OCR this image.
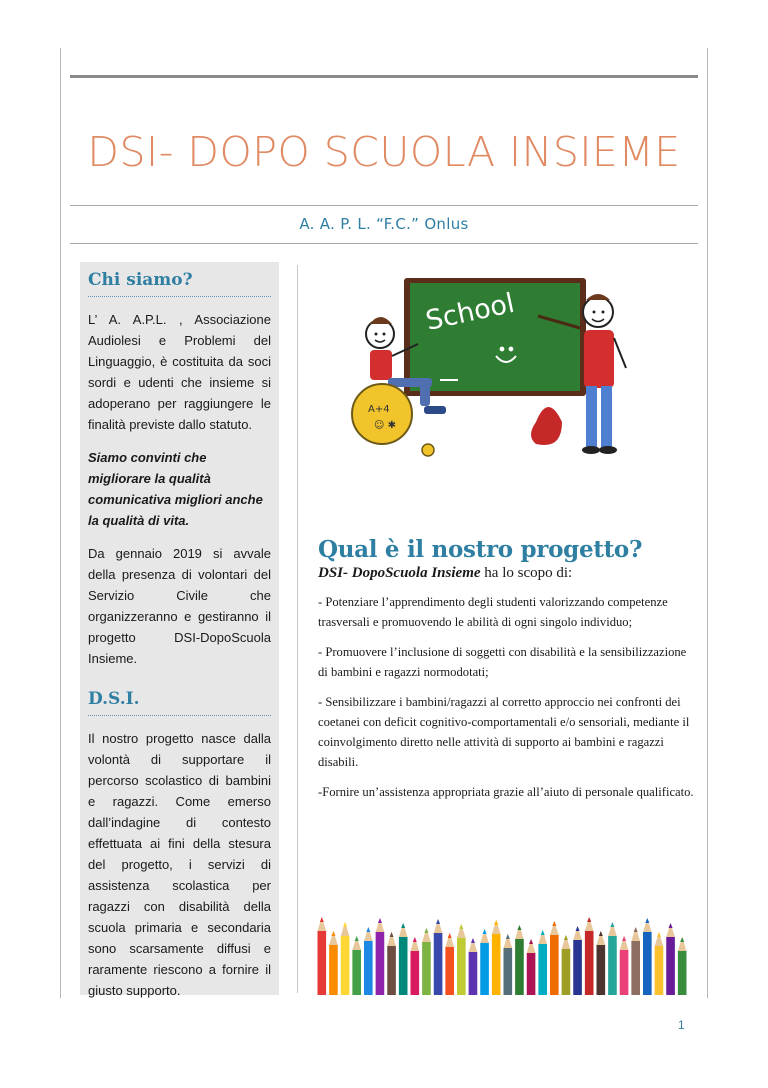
DSI- DOPO SCUOLA INSIEME
A. A. P. L. “F.C.” Onlus
Chi siamo?

L’ A. A.P.L. , Associazione Audiolesi e Problemi del Linguaggio, è costituita da soci sordi e udenti che insieme si adoperano per raggiungere le finalità previste dallo statuto.

Siamo convinti che migliorare la qualità comunicativa migliori anche la qualità di vita.

Da gennaio 2019 si avvale della presenza di volontari del Servizio Civile che organizzeranno e gestiranno il progetto DSI-DopoScuola Insieme.

D.S.I.

Il nostro progetto nasce dalla volontà di supportare il percorso scolastico di bambini e ragazzi. Come emerso dall’indagine di contesto effettuata ai fini della stesura del progetto, i servizi di assistenza scolastica per ragazzi con disabilità della scuola primaria e secondaria sono scarsamente diffusi e raramente riescono a fornire il giusto supporto.

School
A+4
☺ ✱
Qual è il nostro progetto?

DSI- DopoScuola Insieme ha lo scopo di:

- Potenziare l’apprendimento degli studenti valorizzando competenze trasversali e promuovendo le abilità di ogni singolo individuo;

- Promuovere l’inclusione di soggetti con disabilità e la sensibilizzazione di bambini e ragazzi normodotati;

- Sensibilizzare i bambini/ragazzi al corretto approccio nei confronti dei coetanei con deficit cognitivo-comportamentali e/o sensoriali, mediante il coinvolgimento diretto nelle attività di supporto ai bambini e ragazzi disabili.

-Fornire un’assistenza appropriata grazie all’aiuto di personale qualificato.

1
